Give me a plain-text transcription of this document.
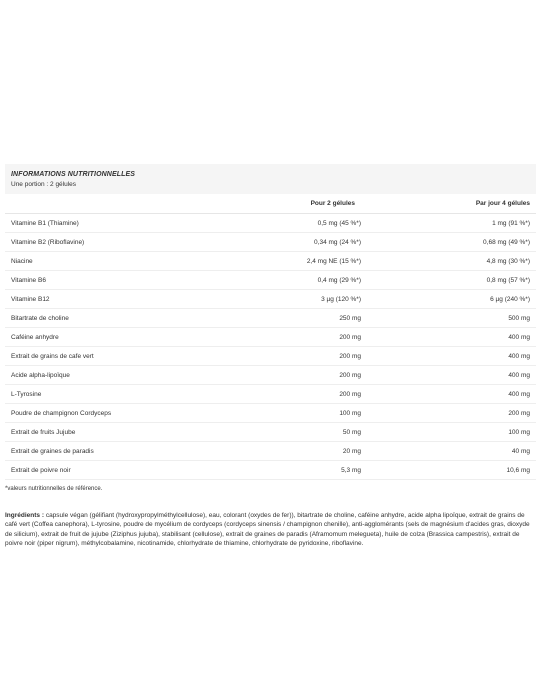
INFORMATIONS NUTRITIONNELLES
Une portion : 2 gélules
	Pour 2 gélules	Par jour 4 gélules
Vitamine B1 (Thiamine)	0,5 mg (45 %*)	1 mg (91 %*)
Vitamine B2 (Riboflavine)	0,34 mg (24 %*)	0,68 mg (49 %*)
Niacine	2,4 mg NE (15 %*)	4,8 mg (30 %*)
Vitamine B6	0,4 mg (29 %*)	0,8 mg (57 %*)
Vitamine B12	3 µg (120 %*)	6 µg (240 %*)
Bitartrate de choline	250 mg	500 mg
Caféine anhydre	200 mg	400 mg
Extrait de grains de cafe vert	200 mg	400 mg
Acide alpha-lipoïque	200 mg	400 mg
L-Tyrosine	200 mg	400 mg
Poudre de champignon Cordyceps	100 mg	200 mg
Extrait de fruits Jujube	50 mg	100 mg
Extrait de graines de paradis	20 mg	40 mg
Extrait de poivre noir	5,3 mg	10,6 mg
*valeurs nutritionnelles de référence.
Ingrédients : capsule végan (gélifiant (hydroxypropylméthylcellulose), eau, colorant (oxydes de fer)), bitartrate de choline, caféine anhydre, acide alpha lipoïque, extrait de grains de café vert (Coffea canephora), L-tyrosine, poudre de mycélium de cordyceps (cordyceps sinensis / champignon chenille), anti-agglomérants (sels de magnésium d'acides gras, dioxyde de silicium), extrait de fruit de jujube (Ziziphus jujuba), stabilisant (cellulose), extrait de graines de paradis (Aframomum melegueta), huile de colza (Brassica campestris), extrait de poivre noir (piper nigrum), méthylcobalamine, nicotinamide, chlorhydrate de thiamine, chlorhydrate de pyridoxine, riboflavine.
